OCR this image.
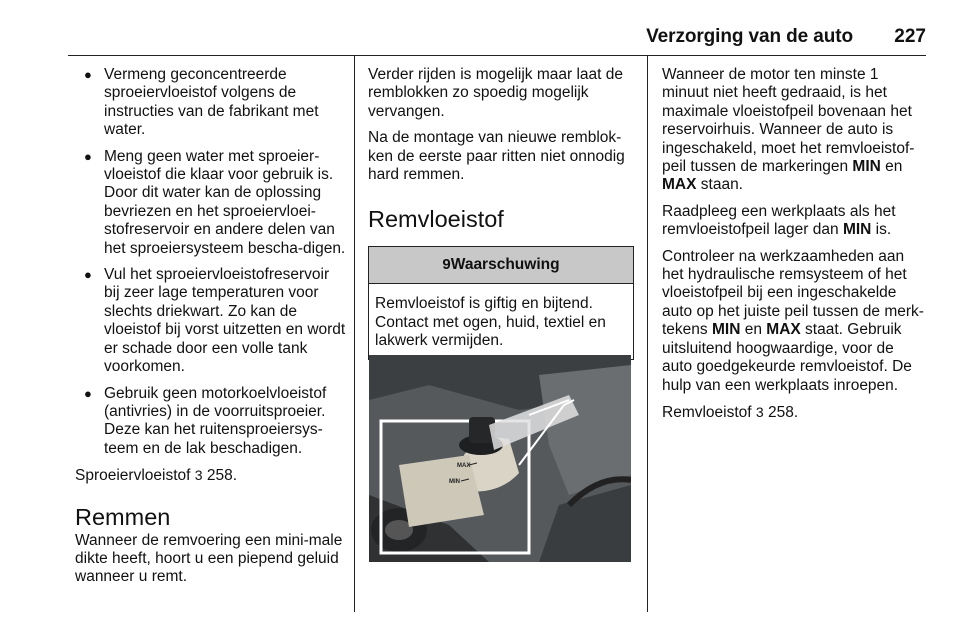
Verzorging van de auto 227
● Vermeng geconcentreerde sproeiervloeistof volgens de instructies van de fabrikant met water.
● Meng geen water met sproeier-vloeistof die klaar voor gebruik is. Door dit water kan de oplossing bevriezen en het sproeiervloei-stofreservoir en andere delen van het sproeiersysteem bescha-digen.
● Vul het sproeiervloeistofreservoir bij zeer lage temperaturen voor slechts driekwart. Zo kan de vloeistof bij vorst uitzetten en wordt er schade door een volle tank voorkomen.
● Gebruik geen motorkoelvloeistof (antivries) in de voorruitsproeier. Deze kan het ruitensproeiersys-teem en de lak beschadigen.

Sproeiervloeistof 3 258.

Remmen

Wanneer de remvoering een mini-male dikte heeft, hoort u een piepend geluid wanneer u remt.

Verder rijden is mogelijk maar laat de remblokken zo spoedig mogelijk vervangen.

Na de montage van nieuwe remblok-ken de eerste paar ritten niet onnodig hard remmen.

Remvloeistof
9Waarschuwing

Remvloeistof is giftig en bijtend. Contact met ogen, huid, textiel en lakwerk vermijden.

MAX
MIN

Wanneer de motor ten minste 1 minuut niet heeft gedraaid, is het maximale vloeistofpeil bovenaan het reservoirhuis. Wanneer de auto is ingeschakeld, moet het remvloeistof-peil tussen de markeringen MIN en MAX staan.

Raadpleeg een werkplaats als het remvloeistofpeil lager dan MIN is.

Controleer na werkzaamheden aan het hydraulische remsysteem of het vloeistofpeil bij een ingeschakelde auto op het juiste peil tussen de merk-tekens MIN en MAX staat. Gebruik uitsluitend hoogwaardige, voor de auto goedgekeurde remvloeistof. De hulp van een werkplaats inroepen.

Remvloeistof 3 258.
